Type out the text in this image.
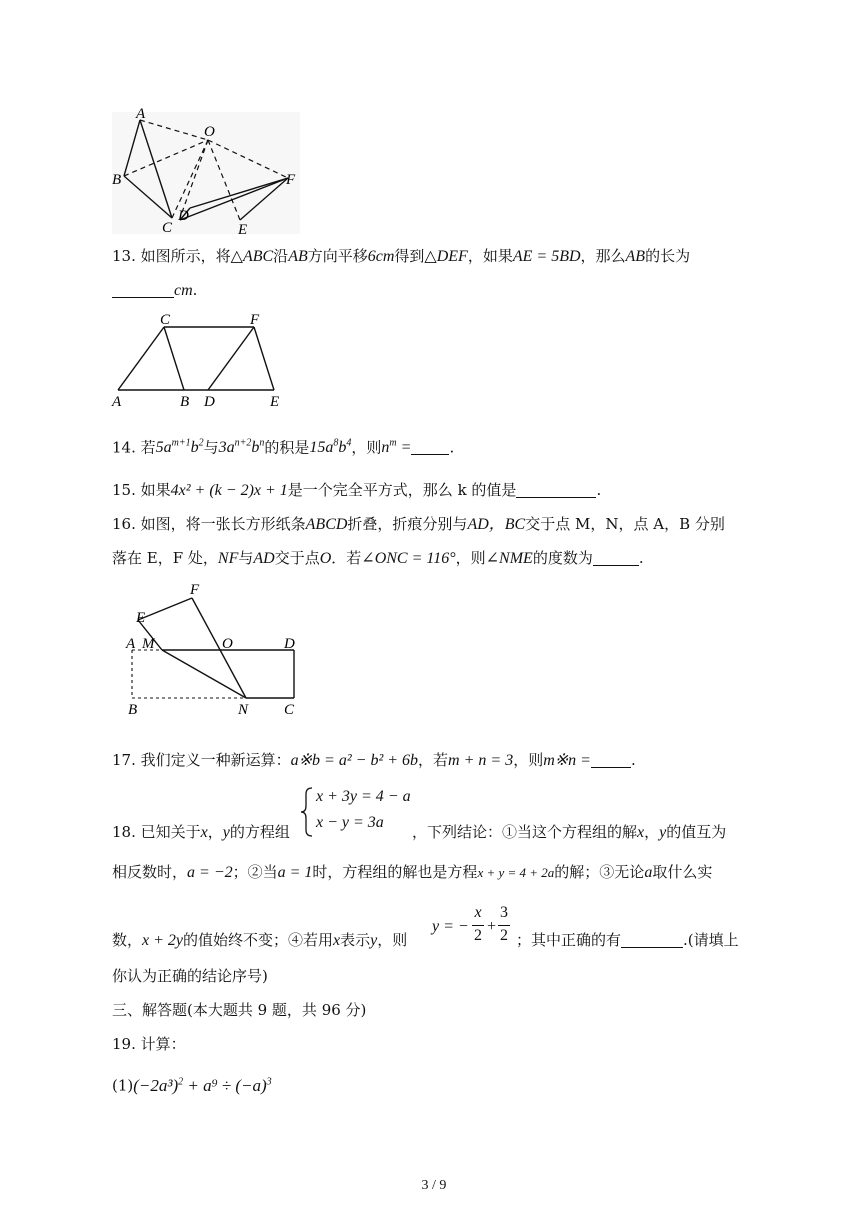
A
O
B	F
C
D
E
13. 如图所示，将△ABC沿AB方向平移6cm得到△DEF，如果AE = 5BD，那么AB的长为
cm.
C	F
A	B D	E
14. 若$5a^{m+1}b^2$与$3a^{n+2}b^n$的积是$15a^8b^4$，则$n^m$ =	.
15. 如果4x² + (k − 2)x + 1是一个完全平方式，那么 k 的值是	.
16. 如图，将一张长方形纸条ABCD折叠，折痕分别与AD，BC交于点 M，N，点 A，B 分别
落在 E，F 处，NF与AD交于点O．若∠ONC = 116°，则∠NME的度数为	.
F
E
A M	O	D
B	N C
17. 我们定义一种新运算：a※b = a² − b² + 6b，若m + n = 3，则m※n =	.
x + 3y = 4 − a
x − y = 3a
18. 已知关于x，y的方程组	，下列结论：①当这个方程组的解x，y的值互为
相反数时，a = −2；②当a = 1时，方程组的解也是方程x + y = 4 + 2a的解；③无论a取什么实
数，x + 2y的值始终不变；④若用x表示y，则
y = −
x
2
+
3
2 ；其中正确的有	.(请填上
你认为正确的结论序号)
三、解答题(本大题共 9 题，共 96 分)
19. 计算：
$(1)(-2a^3)^2 + a^9 \div (-a)^3$
3 / 9
